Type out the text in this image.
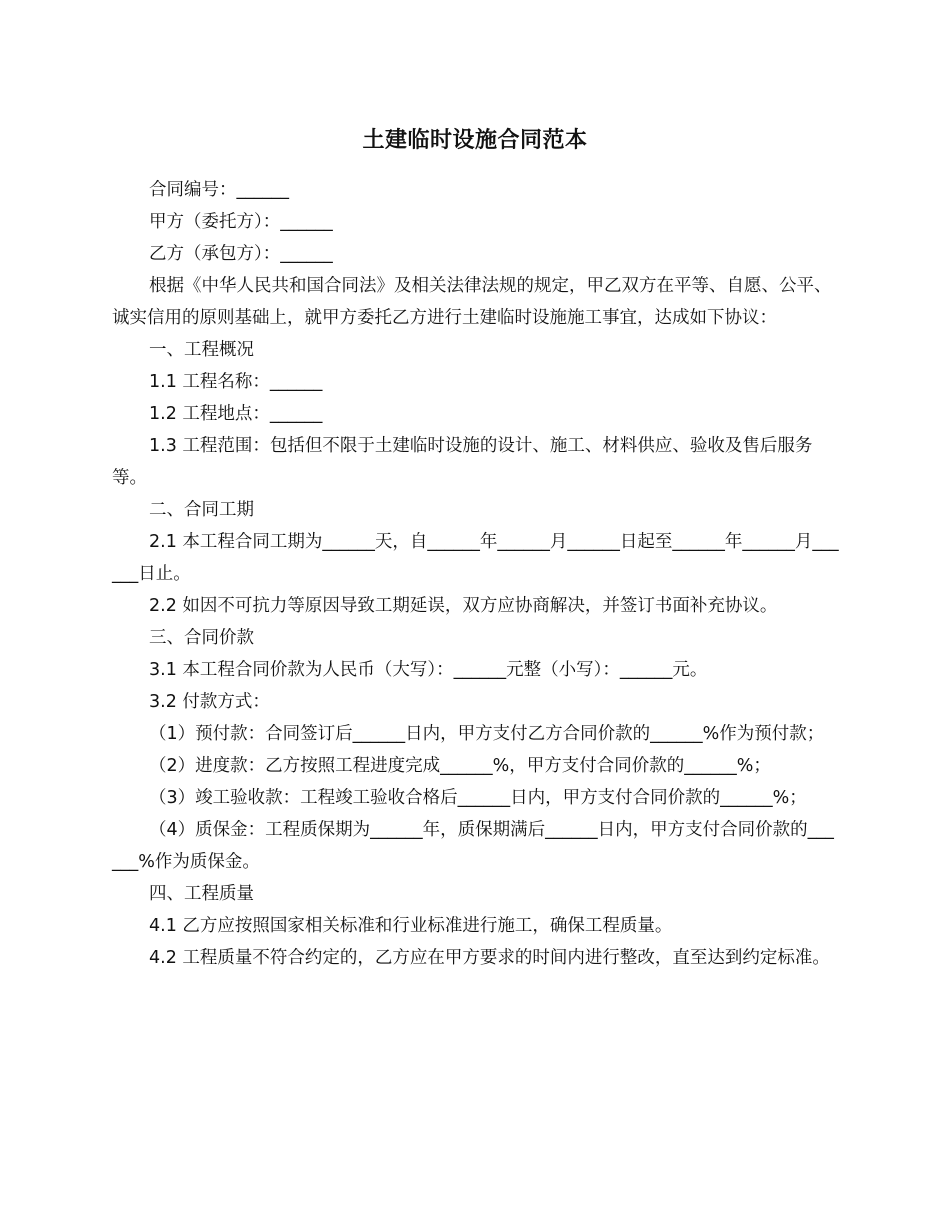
土建临时设施合同范本

合同编号：______

甲方（委托方）：______

乙方（承包方）：______

根据《中华人民共和国合同法》及相关法律法规的规定，甲乙双方在平等、自愿、公平、诚实信用的原则基础上，就甲方委托乙方进行土建临时设施施工事宜，达成如下协议：

一、工程概况

1.1 工程名称：______

1.2 工程地点：______

1.3 工程范围：包括但不限于土建临时设施的设计、施工、材料供应、验收及售后服务等。

二、合同工期

2.1 本工程合同工期为______天，自______年______月______日起至______年______月______日止。

2.2 如因不可抗力等原因导致工期延误，双方应协商解决，并签订书面补充协议。

三、合同价款

3.1 本工程合同价款为人民币（大写）：______元整（小写）：______元。

3.2 付款方式：

（1）预付款：合同签订后______日内，甲方支付乙方合同价款的______%作为预付款；

（2）进度款：乙方按照工程进度完成______%，甲方支付合同价款的______%；

（3）竣工验收款：工程竣工验收合格后______日内，甲方支付合同价款的______%；

（4）质保金：工程质保期为______年，质保期满后______日内，甲方支付合同价款的______%作为质保金。

四、工程质量

4.1 乙方应按照国家相关标准和行业标准进行施工，确保工程质量。

4.2 工程质量不符合约定的，乙方应在甲方要求的时间内进行整改，直至达到约定标准。
